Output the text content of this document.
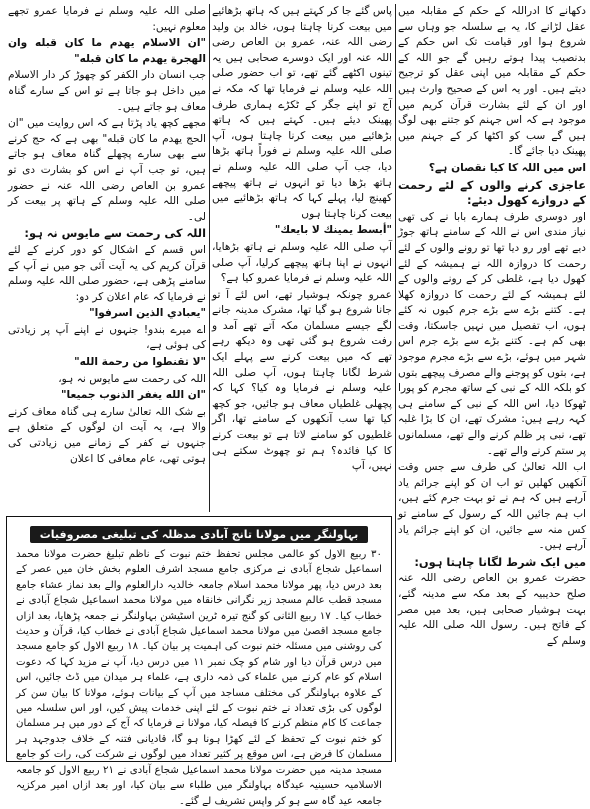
دکھانے کا ادراللہ کے حکم کے مقابلہ میں عقل لڑانے کا، یہ بے سلسلہ جو وہاں سے شروع ہوا اور قیامت تک اس حکم کے بدنصیب پیدا ہوتے رہیں گے جو اللہ کے حکم کے مقابلہ میں اپنی عقل کو ترجیح دیتے ہیں۔ اور یہ اس کے صحیح وارث ہیں اور ان کے لئے بشارت قرآن کریم میں موجود ہے کہ اس جہنم کو جتنے بھی لوگ ہیں گے سب کو اکٹھا کر کے جہنم میں پھینک دیا جائے گا۔

اس میں اللہ کا کیا نقصان ہے؟

عاجزی کرنے والوں کے لئے رحمت کے دروازے کھول دیئے:

اور دوسری طرف ہمارے بابا نے کی تھی نیاز مندی اس نے اللہ کے سامنے ہاتھ جوڑ دیے تھے اور رو دیا تھا تو رونے والوں کے لئے رحمت کا دروازہ اللہ نے ہمیشہ کے لئے کھول دیا ہے، غلطی کر کے رونے والوں کے لئے ہمیشہ کے لئے رحمت کا دروازہ کھلا ہے۔ کتنے بڑے سے بڑے جرم کیوں نہ کئے ہوں، اب تفصیل میں نہیں جاسکتا، وقت بھی کم ہے۔ کتنے بڑے سے بڑے جرم اس شہر میں ہوئے، بڑے سے بڑے مجرم موجود ہے، بتوں کو پوجنے والے مصرف پیچھے بتوں کو بلکہ اللہ کے نبی کے ساتھ مجرم کو پورا ٹھوکا دیا، اس اللہ کے نبی کے سامنے ہی کہہ رہے ہیں: مشرک تھے، ان کا بڑا غلبہ تھے، نبی پر ظلم کرنے والے تھے، مسلمانوں پر ستم کرنے والے تھے۔

اب اللہ تعالیٰ کی طرف سے جس وقت آنکھیں کھلیں تو اب ان کو اپنے جرائم یاد آرہے ہیں کہ ہم نے تو بہت جرم کئے ہیں، اب ہم جائیں اللہ کے رسول کے سامنے تو کس منہ سے جائیں، ان کو اپنے جرائم یاد آرہے ہیں۔

میں ایک شرط لگانا چاہتا ہوں:

حضرت عمرو بن العاص رضی اللہ عنہ صلح حدیبیہ کے بعد مکہ سے مدینہ گئے، بہت ہوشیار صحابی ہیں، بعد میں مصر کے فاتح ہیں۔ رسول اللہ صلی اللہ علیہ وسلم کے

پاس گئے جا کر کہتے ہیں کہ ہاتھ بڑھائیے میں بیعت کرنا چاہتا ہوں، خالد بن ولید رضی اللہ عنہ، عمرو بن العاص رضی اللہ عنہ اور ایک دوسرے صحابی ہیں یہ تینوں اکٹھے گئے تھے، تو اب حضور صلی اللہ علیہ وسلم نے فرمایا تھا کہ مکہ نے آج تو اپنے جگر کے ٹکڑے ہماری طرف پھینک دیئے ہیں۔ کہتے ہیں کہ ہاتھ بڑھائیے میں بیعت کرنا چاہتا ہوں، آپ صلی اللہ علیہ وسلم نے فوراً ہاتھ بڑھا دیا، جب آپ صلی اللہ علیہ وسلم نے ہاتھ بڑھا دیا تو انہوں نے ہاتھ پیچھے کھینچ لیا، پہلے کہا کہ ہاتھ بڑھائیے میں بیعت کرنا چاہتا ہوں

"أبسط يمينك لا بايعك"

آپ صلی اللہ علیہ وسلم نے ہاتھ بڑھایا، انہوں نے اپنا ہاتھ پیچھے کرلیا، آپ صلی اللہ علیہ وسلم نے فرمایا عمرو کیا ہے؟

عمرو چونکہ ہوشیار تھے، اس لئے آ تو جانا شروع ہو گیا تھا، مشرک مدینہ جانے لگے جیسے مسلمان مکہ آتے تھے آمد و رفت شروع ہو گئی تھی وہ دیکھ رہے تھے کہ میں بیعت کرنے سے پہلے ایک شرط لگانا چاہتا ہوں، آپ صلی اللہ علیہ وسلم نے فرمایا وہ کیا؟ کہا کہ پچھلی غلطیاں معاف ہو جائیں، جو کچھ کیا تھا سب آنکھوں کے سامنے تھا، اگر غلطیوں کو سامنے لاتا ہے تو بیعت کرنے کا کیا فائدہ؟ ہم تو چھوٹ سکتے ہی نہیں، آپ

صلی اللہ علیہ وسلم نے فرمایا عمرو تجھے معلوم نہیں:

"ان الاسلام يهدم ما كان قبله وان الهجرة يهدم ما كان قبله"

جب انسان دار الکفر کو چھوڑ کر دار الاسلام میں داخل ہو جاتا ہے تو اس کے سارے گناہ معاف ہو جاتے ہیں۔

مجھے کچھ یاد پڑتا ہے کہ اس روایت میں "ان الحج يهدم ما كان قبله" بھی ہے کہ حج کرنے سے بھی سارے پچھلے گناہ معاف ہو جاتے ہیں، تو جب آپ نے اس کو بشارت دی تو عمرو بن العاص رضی اللہ عنہ نے حضور صلی اللہ علیہ وسلم کے ہاتھ پر بیعت کر لی۔

اللہ کی رحمت سے مایوس نہ ہو:

اس قسم کے اشکال کو دور کرنے کے لئے قرآن کریم کی یہ آیت آئی جو میں نے آپ کے سامنے پڑھی ہے، حضور صلی اللہ علیہ وسلم نے فرمایا کہ عام اعلان کر دو:

"يعبادي الذين اسرفوا"

اے میرے بندو! جنہوں نے اپنے آپ پر زیادتی کی ہوئی ہے،

"لا تقنطوا من رحمة الله"

اللہ کی رحمت سے مایوس نہ ہو،

"ان الله يغفر الذنوب جميعا"

بے شک اللہ تعالیٰ سارے ہی گناہ معاف کرنے والا ہے، یہ آیت ان لوگوں کے متعلق ہے جنہوں نے کفر کے زمانے میں زیادتی کی ہوتی تھی، عام معافی کا اعلان

بہاولنگر میں مولانا تانج آبادی مدظلہ کی تبلیغی مصروفیات
۳۰ ربیع الاول کو عالمی مجلس تحفظ ختم نبوت کے ناظم تبلیغ حضرت مولانا محمد اسماعیل شجاع آبادی نے مرکزی جامع مسجد اشرف العلوم بخش خان میں عصر کے بعد درس دیا، پھر مولانا محمد اسلام جامعہ خالدیہ دارالعلوم والے بعد نماز عشاء جامع مسجد قطب عالم مسجد زیر نگرانی خانقاہ میں مولانا محمد اسماعیل شجاع آبادی نے خطاب کیا۔ ۱۷ ربیع الثانی کو گنج تیرہ ٹرین اسٹیشن بہاولنگر نے جمعہ پڑھایا، بعد ازاں جامع مسجد اقصیٰ میں مولانا محمد اسماعیل شجاع آبادی نے خطاب کیا، قرآن و حدیث کی روشنی میں مسئلہ ختم نبوت کی اہمیت پر بیان کیا۔ ۱۸ ربیع الاول کو جامع مسجد میں درس قرآن دیا اور شام کو چک نمبر ۱۱ میں درس دیا، آپ نے مزید کہا کہ دعوت اسلام کو عام کرنے میں علماء کی ذمہ داری ہے، علماء ہر میدان میں ڈٹ جائیں، اس کے علاوہ بہاولنگر کی مختلف مساجد میں آپ کے بیانات ہوئے، مولانا کا بیان سن کر لوگوں کی بڑی تعداد نے ختم نبوت کے لئے اپنی خدمات پیش کیں، اور اس سلسلہ میں جماعت کا کام منظم کرنے کا فیصلہ کیا، مولانا نے فرمایا کہ آج کے دور میں ہر مسلمان کو ختم نبوت کے تحفظ کے لئے کھڑا ہونا ہو گا، قادیانی فتنہ کے خلاف جدوجہد ہر مسلمان کا فرض ہے، اس موقع پر کثیر تعداد میں لوگوں نے شرکت کی، رات کو جامع مسجد مدینہ میں حضرت مولانا محمد اسماعیل شجاع آبادی نے ۲۱ ربیع الاول کو جامعہ الاسلامیہ حسینیہ عیدگاہ بہاولنگر میں طلباء سے بیان کیا، اور بعد ازاں امیر مرکزیہ جامعہ عید گاہ سے ہو کر واپس تشریف لے گئے۔
